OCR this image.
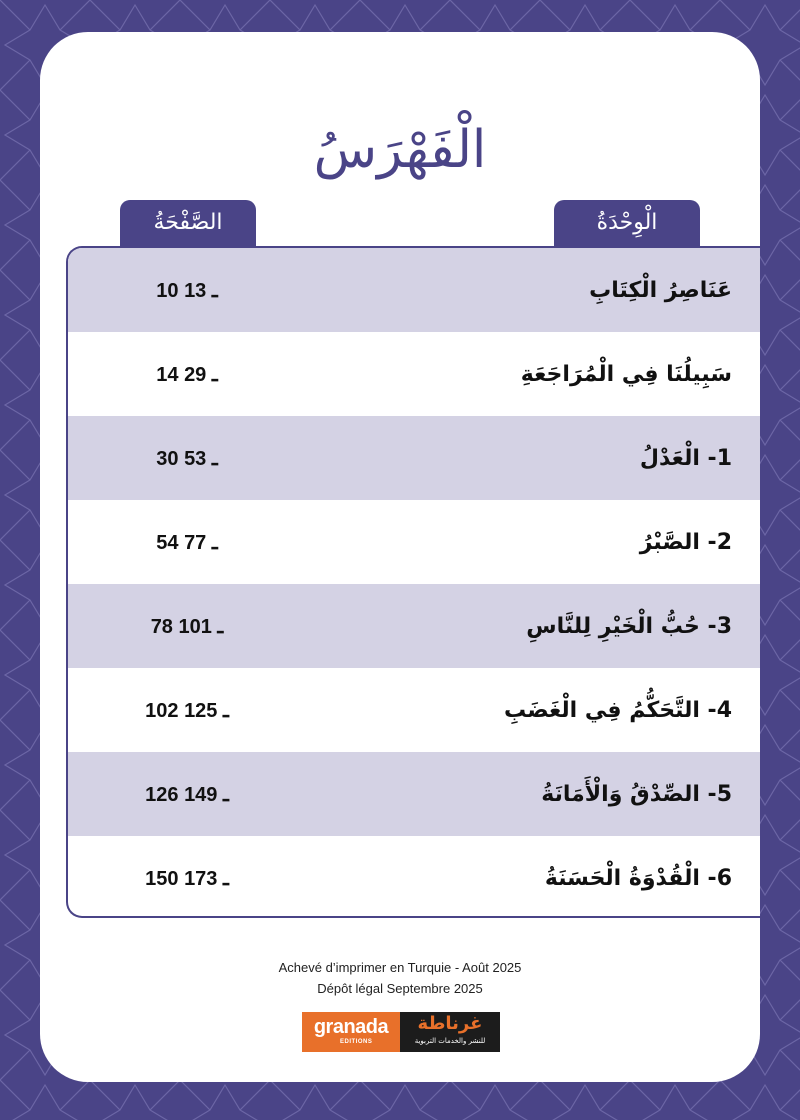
الْفَهْرَسُ
الْوِحْدَةُ
الصَّفْحَةُ
عَنَاصِرُ الْكِتَابِ
10 ـ 13
سَبِيلُنَا فِي الْمُرَاجَعَةِ
14 ـ 29
1- الْعَدْلُ
30 ـ 53
2- الصَّبْرُ
54 ـ 77
3- حُبُّ الْخَيْرِ لِلنَّاسِ
78 ـ 101
4- التَّحَكُّمُ فِي الْغَضَبِ
102 ـ 125
5- الصِّدْقُ وَالْأَمَانَةُ
126 ـ 149
6- الْقُدْوَةُ الْحَسَنَةُ
150 ـ 173
Achevé d’imprimer en Turquie - Août 2025
Dépôt légal Septembre 2025
granada
EDITIONS
غرناطة
للنشر والخدمات التربوية
